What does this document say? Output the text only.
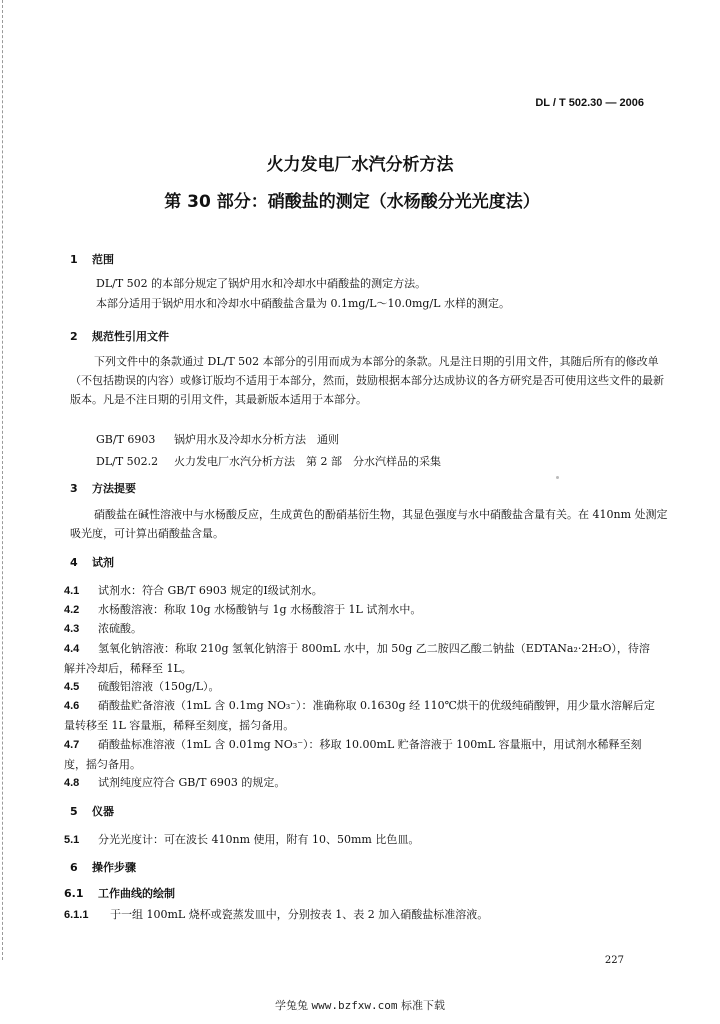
DL / T 502.30 — 2006
火力发电厂水汽分析方法
第 30 部分：硝酸盐的测定（水杨酸分光光度法）
1 范围
DL/T 502 的本部分规定了锅炉用水和冷却水中硝酸盐的测定方法。
本部分适用于锅炉用水和冷却水中硝酸盐含量为 0.1mg/L～10.0mg/L 水样的测定。
2 规范性引用文件
下列文件中的条款通过 DL/T 502 本部分的引用而成为本部分的条款。凡是注日期的引用文件，其随后所有的修改单（不包括勘误的内容）或修订版均不适用于本部分，然而，鼓励根据本部分达成协议的各方研究是否可使用这些文件的最新版本。凡是不注日期的引用文件，其最新版本适用于本部分。
GB/T 6903 锅炉用水及冷却水分析方法　通则
DL/T 502.2 火力发电厂水汽分析方法　第 2 部　分水汽样品的采集
3 方法提要
硝酸盐在碱性溶液中与水杨酸反应，生成黄色的酚硝基衍生物，其显色强度与水中硝酸盐含量有关。在 410nm 处测定吸光度，可计算出硝酸盐含量。
4 试剂
4.1 试剂水：符合 GB/T 6903 规定的Ⅰ级试剂水。
4.2 水杨酸溶液：称取 10g 水杨酸钠与 1g 水杨酸溶于 1L 试剂水中。
4.3 浓硫酸。
4.4 氢氧化钠溶液：称取 210g 氢氧化钠溶于 800mL 水中，加 50g 乙二胺四乙酸二钠盐（EDTANa₂·2H₂O），待溶解并冷却后，稀释至 1L。
4.5 硫酸铝溶液（150g/L）。
4.6 硝酸盐贮备溶液（1mL 含 0.1mg NO₃⁻）：准确称取 0.1630g 经 110℃烘干的优级纯硝酸钾，用少量水溶解后定量转移至 1L 容量瓶，稀释至刻度，摇匀备用。
4.7 硝酸盐标准溶液（1mL 含 0.01mg NO₃⁻）：移取 10.00mL 贮备溶液于 100mL 容量瓶中，用试剂水稀释至刻度，摇匀备用。
4.8 试剂纯度应符合 GB/T 6903 的规定。
5 仪器
5.1 分光光度计：可在波长 410nm 使用，附有 10、50mm 比色皿。
6 操作步骤
6.1 工作曲线的绘制
6.1.1 于一组 100mL 烧杯或瓷蒸发皿中，分别按表 1、表 2 加入硝酸盐标准溶液。
227
学兔兔 www.bzfxw.com 标准下载
